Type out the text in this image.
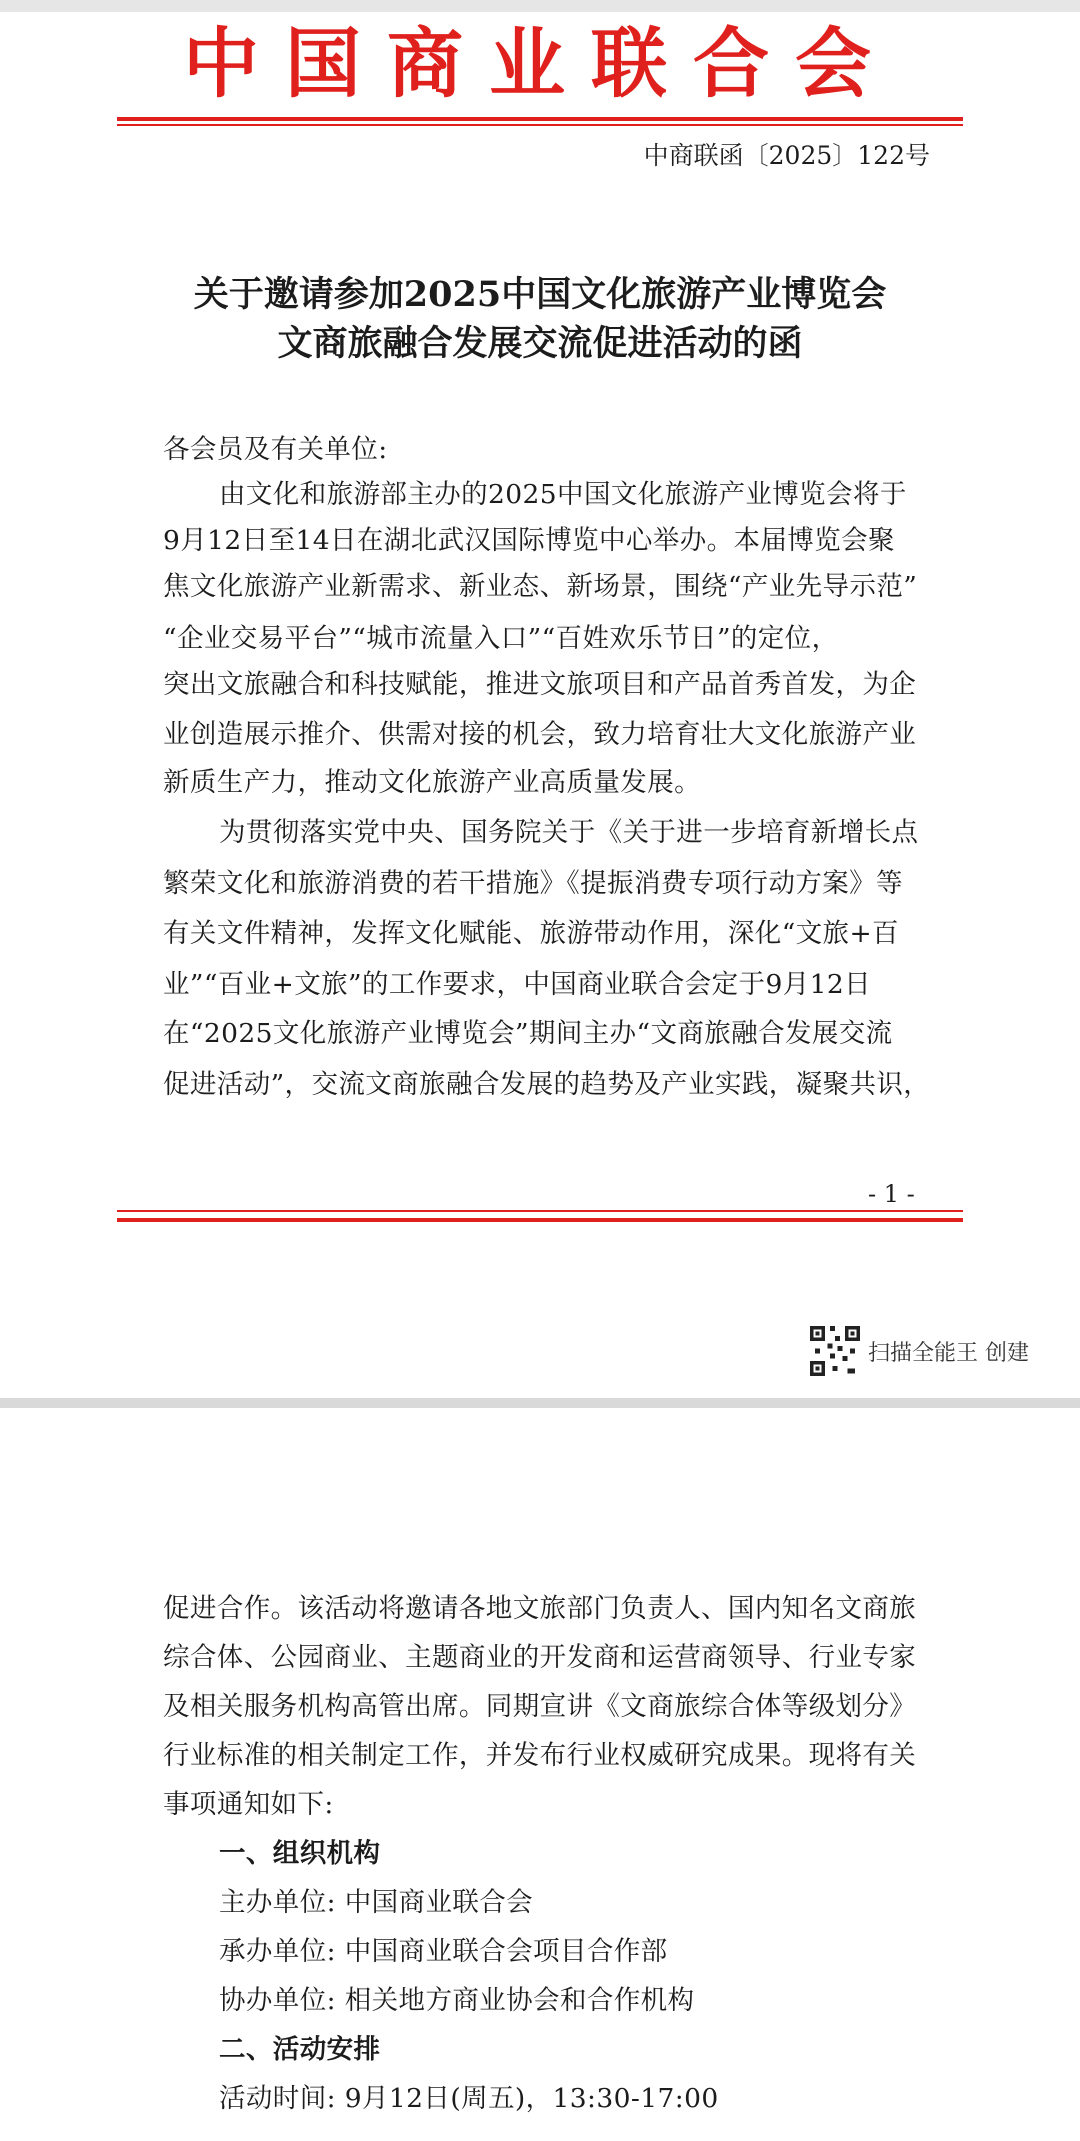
中国商业联合会
中商联函〔2025〕122号
关于邀请参加2025中国文化旅游产业博览会
文商旅融合发展交流促进活动的函
各会员及有关单位:
由文化和旅游部主办的2025中国文化旅游产业博览会将于
9月12日至14日在湖北武汉国际博览中心举办。本届博览会聚
焦文化旅游产业新需求、新业态、新场景，围绕“产业先导示范”
“企业交易平台”“城市流量入口”“百姓欢乐节日”的定位，
突出文旅融合和科技赋能，推进文旅项目和产品首秀首发，为企
业创造展示推介、供需对接的机会，致力培育壮大文化旅游产业
新质生产力，推动文化旅游产业高质量发展。
为贯彻落实党中央、国务院关于《关于进一步培育新增长点
繁荣文化和旅游消费的若干措施》《提振消费专项行动方案》等
有关文件精神，发挥文化赋能、旅游带动作用，深化“文旅+百
业”“百业+文旅”的工作要求，中国商业联合会定于9月12日
在“2025文化旅游产业博览会”期间主办“文商旅融合发展交流
促进活动”，交流文商旅融合发展的趋势及产业实践，凝聚共识，
- 1 -
扫描全能王 创建
促进合作。该活动将邀请各地文旅部门负责人、国内知名文商旅
综合体、公园商业、主题商业的开发商和运营商领导、行业专家
及相关服务机构高管出席。同期宣讲《文商旅综合体等级划分》
行业标准的相关制定工作，并发布行业权威研究成果。现将有关
事项通知如下:
一、组织机构
主办单位: 中国商业联合会
承办单位: 中国商业联合会项目合作部
协办单位: 相关地方商业协会和合作机构
二、活动安排
活动时间: 9月12日(周五)，13:30-17:00
